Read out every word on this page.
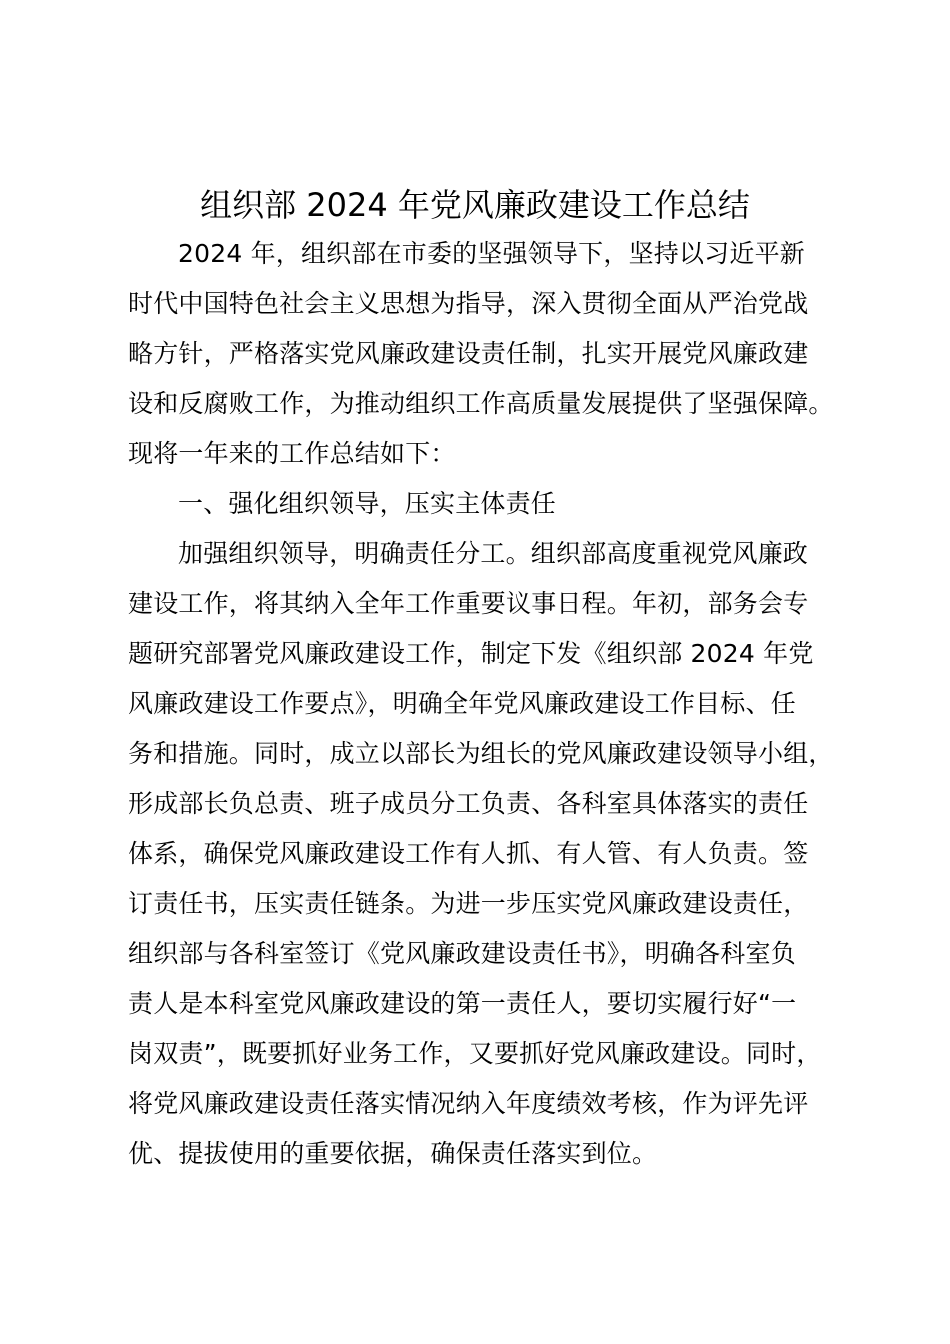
组织部 2024 年党风廉政建设工作总结
2024 年，组织部在市委的坚强领导下，坚持以习近平新
时代中国特色社会主义思想为指导，深入贯彻全面从严治党战
略方针，严格落实党风廉政建设责任制，扎实开展党风廉政建
设和反腐败工作，为推动组织工作高质量发展提供了坚强保障。
现将一年来的工作总结如下：
一、强化组织领导，压实主体责任
加强组织领导，明确责任分工。组织部高度重视党风廉政
建设工作，将其纳入全年工作重要议事日程。年初，部务会专
题研究部署党风廉政建设工作，制定下发《组织部 2024 年党
风廉政建设工作要点》，明确全年党风廉政建设工作目标、任
务和措施。同时，成立以部长为组长的党风廉政建设领导小组，
形成部长负总责、班子成员分工负责、各科室具体落实的责任
体系，确保党风廉政建设工作有人抓、有人管、有人负责。签
订责任书，压实责任链条。为进一步压实党风廉政建设责任，
组织部与各科室签订《党风廉政建设责任书》，明确各科室负
责人是本科室党风廉政建设的第一责任人，要切实履行好“一
岗双责”，既要抓好业务工作，又要抓好党风廉政建设。同时，
将党风廉政建设责任落实情况纳入年度绩效考核，作为评先评
优、提拔使用的重要依据，确保责任落实到位。
